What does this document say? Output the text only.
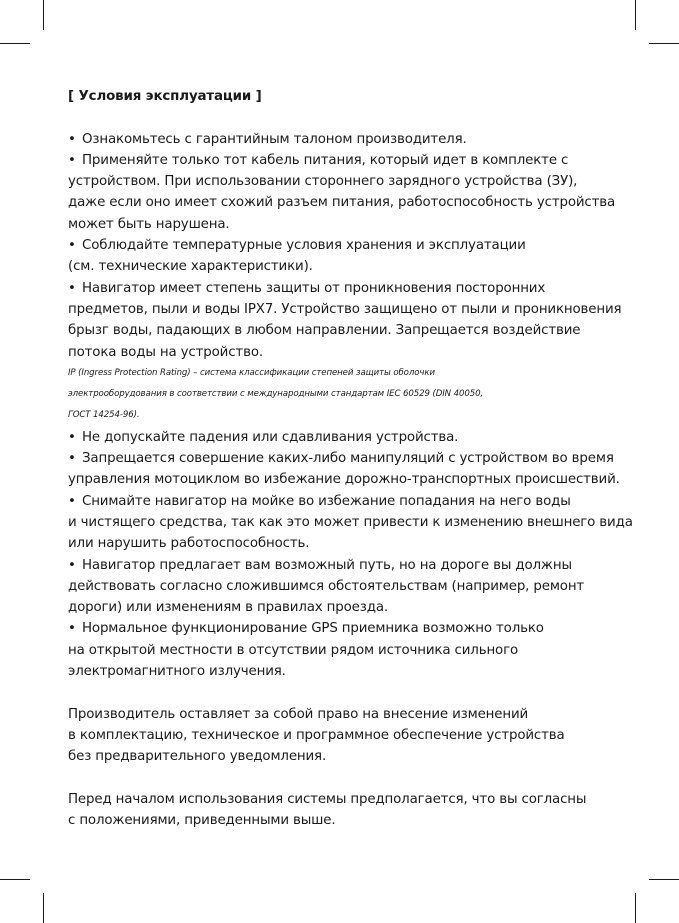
[ Условия эксплуатации ]
• Ознакомьтесь с гарантийным талоном производителя.
• Применяйте только тот кабель питания, который идет в комплекте с
устройством. При использовании стороннего зарядного устройства (ЗУ),
даже если оно имеет схожий разъем питания, работоспособность устройства
может быть нарушена.
• Соблюдайте температурные условия хранения и эксплуатации
(см. технические характеристики).
• Навигатор имеет степень защиты от проникновения посторонних
предметов, пыли и воды IPX7. Устройство защищено от пыли и проникновения
брызг воды, падающих в любом направлении. Запрещается воздействие
потока воды на устройство.
IP (Ingress Protection Rating) – система классификации степеней защиты оболочки
электрооборудования в соответствии с международными стандартам IEC 60529 (DIN 40050,
ГОСТ 14254-96).
• Не допускайте падения или сдавливания устройства.
• Запрещается совершение каких-либо манипуляций с устройством во время
управления мотоциклом во избежание дорожно-транспортных происшествий.
• Снимайте навигатор на мойке во избежание попадания на него воды
и чистящего средства, так как это может привести к изменению внешнего вида
или нарушить работоспособность.
• Навигатор предлагает вам возможный путь, но на дороге вы должны
действовать согласно сложившимся обстоятельствам (например, ремонт
дороги) или изменениям в правилах проезда.
• Нормальное функционирование GPS приемника возможно только
на открытой местности в отсутствии рядом источника сильного
электромагнитного излучения.
Производитель оставляет за собой право на внесение изменений
в комплектацию, техническое и программное обеспечение устройства
без предварительного уведомления.
Перед началом использования системы предполагается, что вы согласны
с положениями, приведенными выше.
